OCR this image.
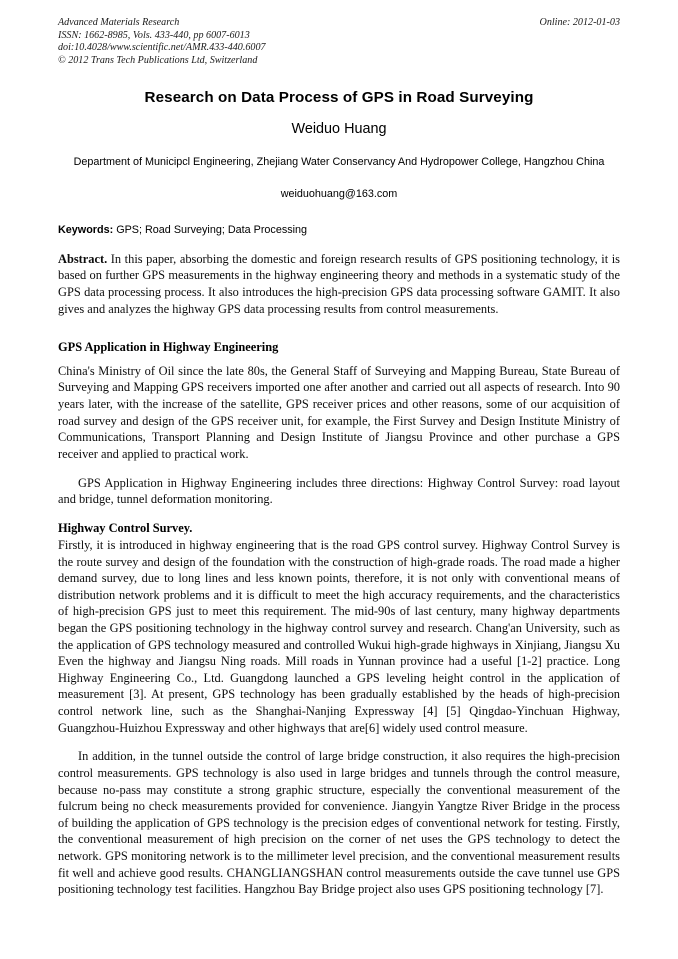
Advanced Materials Research
ISSN: 1662-8985, Vols. 433-440, pp 6007-6013
doi:10.4028/www.scientific.net/AMR.433-440.6007
© 2012 Trans Tech Publications Ltd, Switzerland
Online: 2012-01-03
Research on Data Process of GPS in Road Surveying
Weiduo Huang
Department of Municipcl Engineering, Zhejiang Water Conservancy And Hydropower College, Hangzhou China
weiduohuang@163.com
Keywords: GPS; Road Surveying; Data Processing
Abstract. In this paper, absorbing the domestic and foreign research results of GPS positioning technology, it is based on further GPS measurements in the highway engineering theory and methods in a systematic study of the GPS data processing process. It also introduces the high-precision GPS data processing software GAMIT. It also gives and analyzes the highway GPS data processing results from control measurements.
GPS Application in Highway Engineering

China's Ministry of Oil since the late 80s, the General Staff of Surveying and Mapping Bureau, State Bureau of Surveying and Mapping GPS receivers imported one after another and carried out all aspects of research. Into 90 years later, with the increase of the satellite, GPS receiver prices and other reasons, some of our acquisition of road survey and design of the GPS receiver unit, for example, the First Survey and Design Institute Ministry of Communications, Transport Planning and Design Institute of Jiangsu Province and other purchase a GPS receiver and applied to practical work.

GPS Application in Highway Engineering includes three directions: Highway Control Survey: road layout and bridge, tunnel deformation monitoring.

Highway Control Survey.

Firstly, it is introduced in highway engineering that is the road GPS control survey. Highway Control Survey is the route survey and design of the foundation with the construction of high-grade roads. The road made a higher demand survey, due to long lines and less known points, therefore, it is not only with conventional means of distribution network problems and it is difficult to meet the high accuracy requirements, and the characteristics of high-precision GPS just to meet this requirement. The mid-90s of last century, many highway departments began the GPS positioning technology in the highway control survey and research. Chang'an University, such as the application of GPS technology measured and controlled Wukui high-grade highways in Xinjiang, Jiangsu Xu Even the highway and Jiangsu Ning roads. Mill roads in Yunnan province had a useful [1-2] practice. Long Highway Engineering Co., Ltd. Guangdong launched a GPS leveling height control in the application of measurement [3]. At present, GPS technology has been gradually established by the heads of high-precision control network line, such as the Shanghai-Nanjing Expressway [4] [5] Qingdao-Yinchuan Highway, Guangzhou-Huizhou Expressway and other highways that are[6] widely used control measure.

In addition, in the tunnel outside the control of large bridge construction, it also requires the high-precision control measurements. GPS technology is also used in large bridges and tunnels through the control measure, because no-pass may constitute a strong graphic structure, especially the conventional measurement of the fulcrum being no check measurements provided for convenience. Jiangyin Yangtze River Bridge in the process of building the application of GPS technology is the precision edges of conventional network for testing. Firstly, the conventional measurement of high precision on the corner of net uses the GPS technology to detect the network. GPS monitoring network is to the millimeter level precision, and the conventional measurement results fit well and achieve good results. CHANGLIANGSHAN control measurements outside the cave tunnel use GPS positioning technology test facilities. Hangzhou Bay Bridge project also uses GPS positioning technology [7].
